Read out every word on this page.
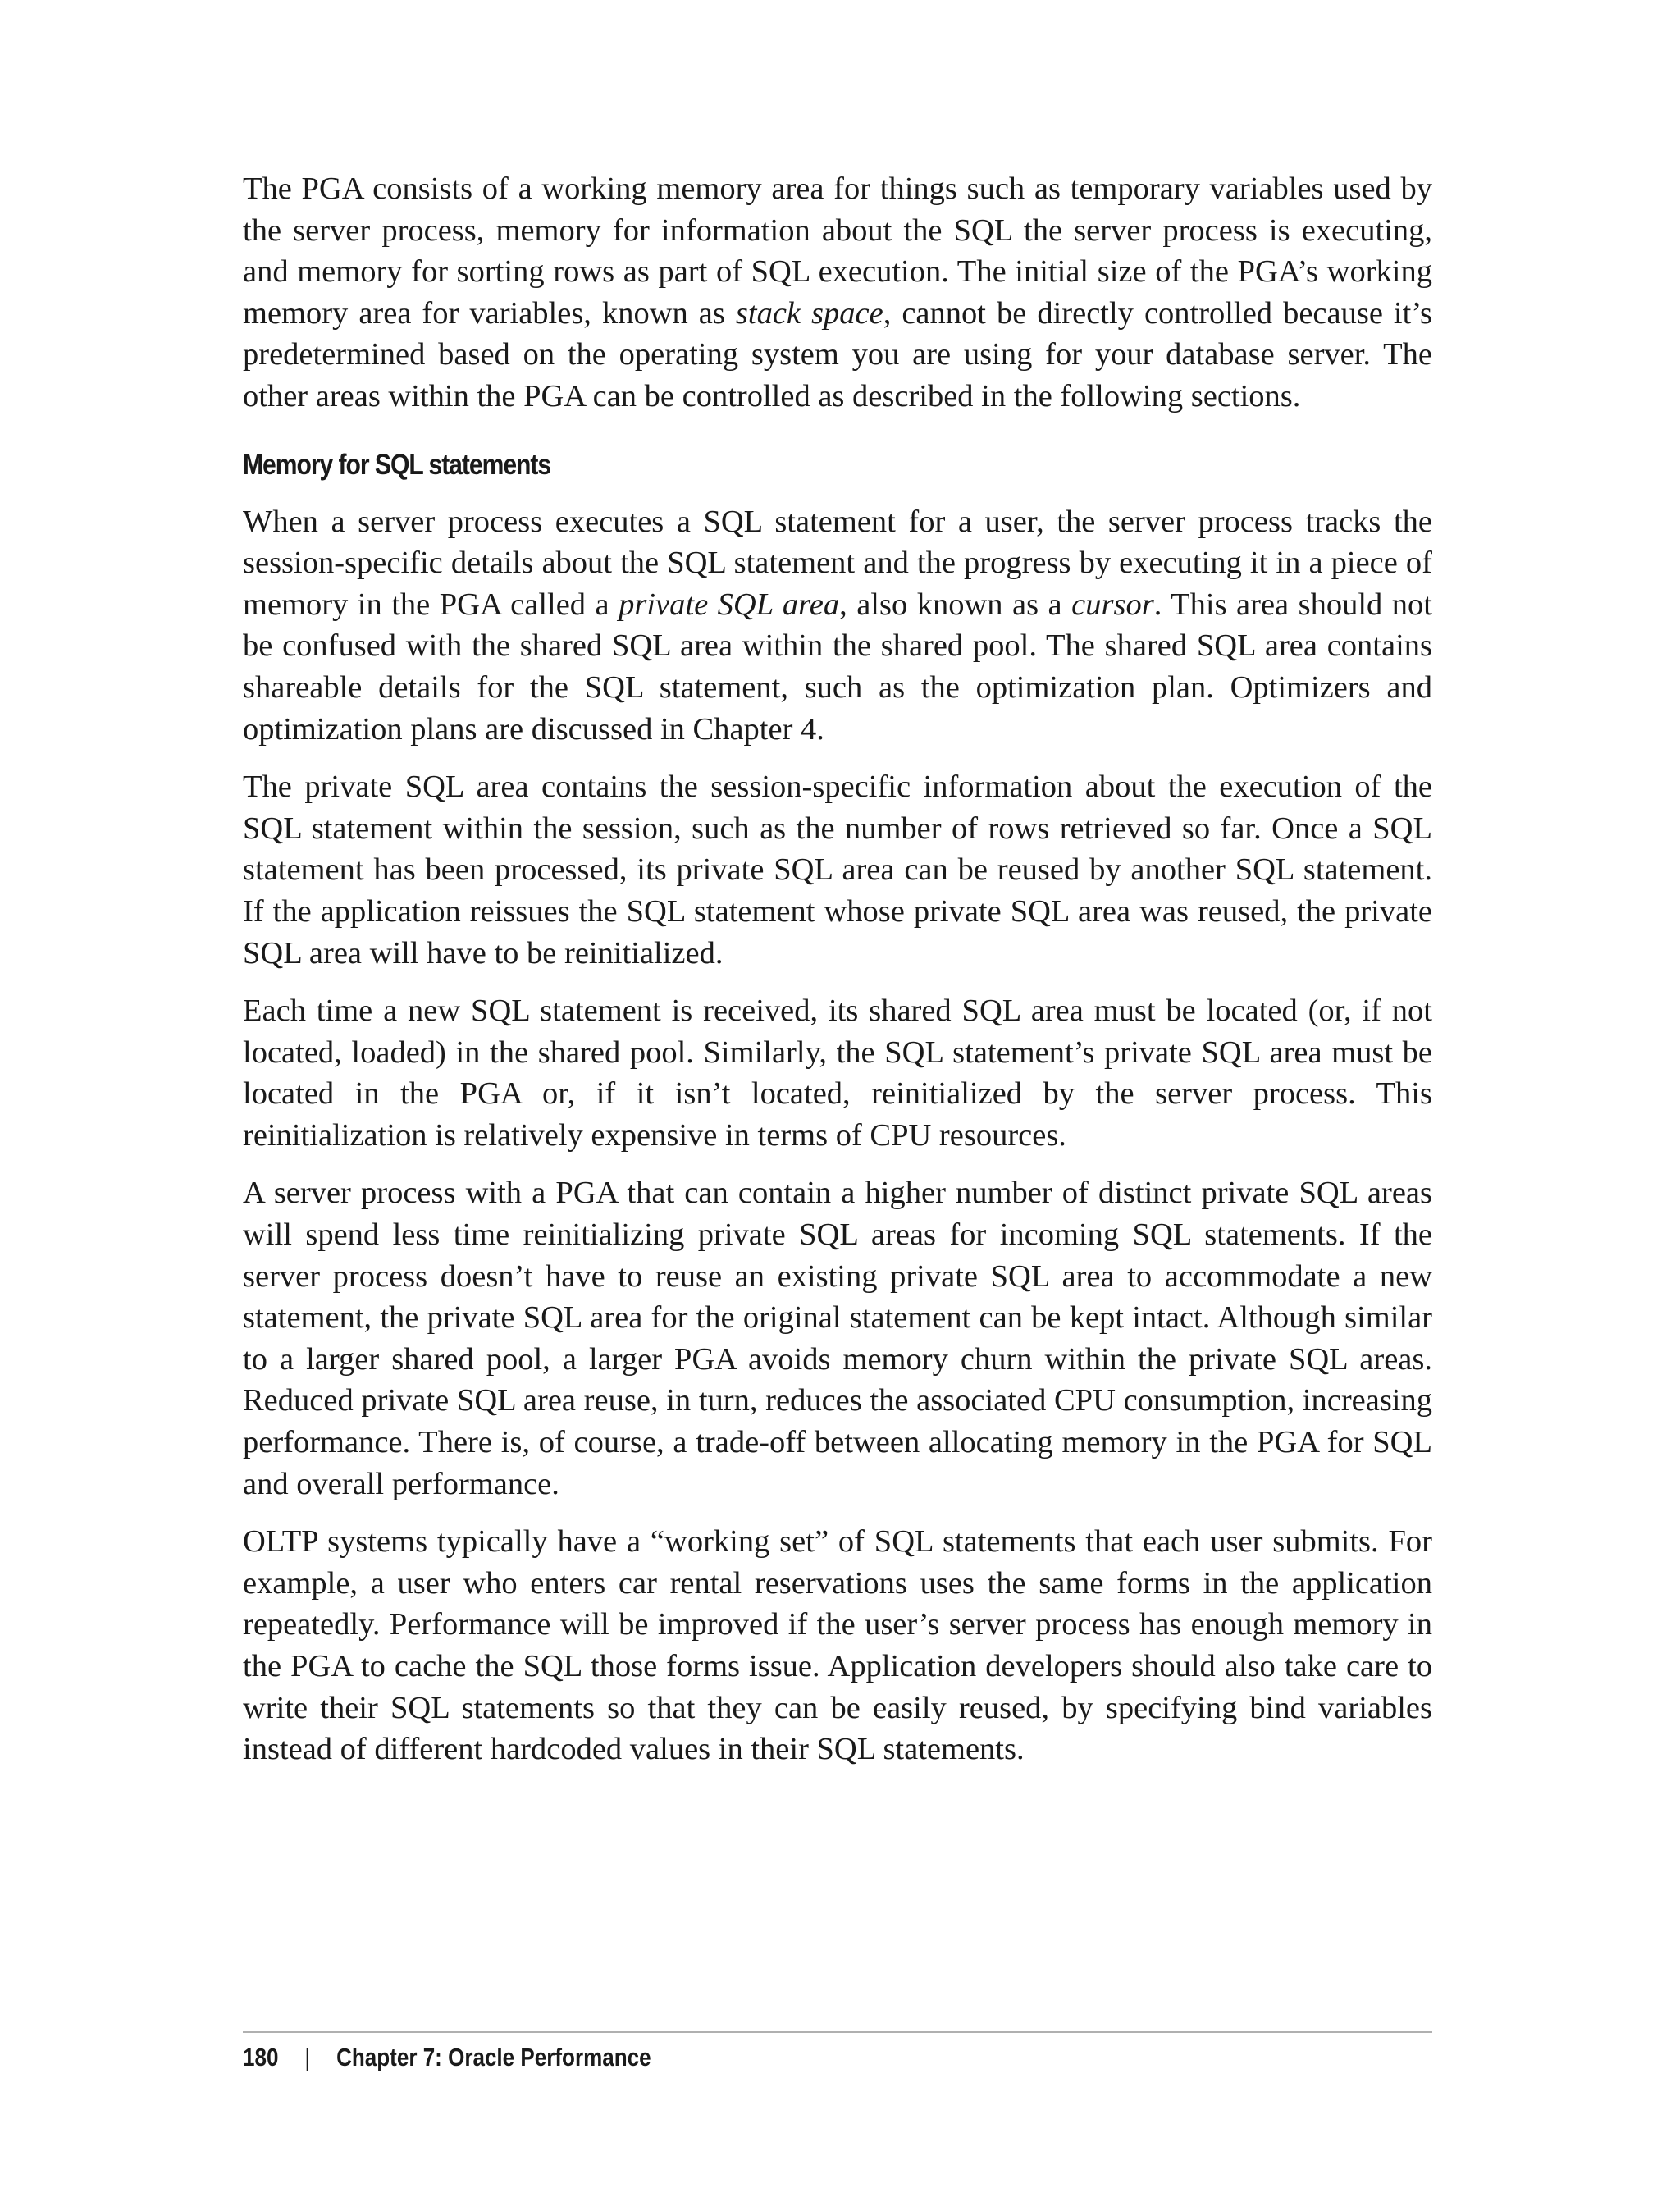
The PGA consists of a working memory area for things such as temporary variables used by the server process, memory for information about the SQL the server process is executing, and memory for sorting rows as part of SQL execution. The initial size of the PGA’s working memory area for variables, known as stack space, cannot be directly controlled because it’s predetermined based on the operating system you are using for your database server. The other areas within the PGA can be controlled as described in the following sections.

Memory for SQL statements

When a server process executes a SQL statement for a user, the server process tracks the session-specific details about the SQL statement and the progress by executing it in a piece of memory in the PGA called a private SQL area, also known as a cursor. This area should not be confused with the shared SQL area within the shared pool. The shared SQL area contains shareable details for the SQL statement, such as the optimization plan. Optimizers and optimization plans are discussed in Chapter 4.

The private SQL area contains the session-specific information about the execution of the SQL statement within the session, such as the number of rows retrieved so far. Once a SQL statement has been processed, its private SQL area can be reused by another SQL statement. If the application reissues the SQL statement whose private SQL area was reused, the private SQL area will have to be reinitialized.

Each time a new SQL statement is received, its shared SQL area must be located (or, if not located, loaded) in the shared pool. Similarly, the SQL statement’s private SQL area must be located in the PGA or, if it isn’t located, reinitialized by the server process. This reinitialization is relatively expensive in terms of CPU resources.

A server process with a PGA that can contain a higher number of distinct private SQL areas will spend less time reinitializing private SQL areas for incoming SQL statements. If the server process doesn’t have to reuse an existing private SQL area to accommodate a new statement, the private SQL area for the original statement can be kept intact. Although similar to a larger shared pool, a larger PGA avoids memory churn within the private SQL areas. Reduced private SQL area reuse, in turn, reduces the associated CPU consumption, increasing performance. There is, of course, a trade-off between allocating memory in the PGA for SQL and overall performance.

OLTP systems typically have a “working set” of SQL statements that each user submits. For example, a user who enters car rental reservations uses the same forms in the application repeatedly. Performance will be improved if the user’s server process has enough memory in the PGA to cache the SQL those forms issue. Application developers should also take care to write their SQL statements so that they can be easily reused, by specifying bind variables instead of different hardcoded values in their SQL statements.

180 | Chapter 7: Oracle Performance
